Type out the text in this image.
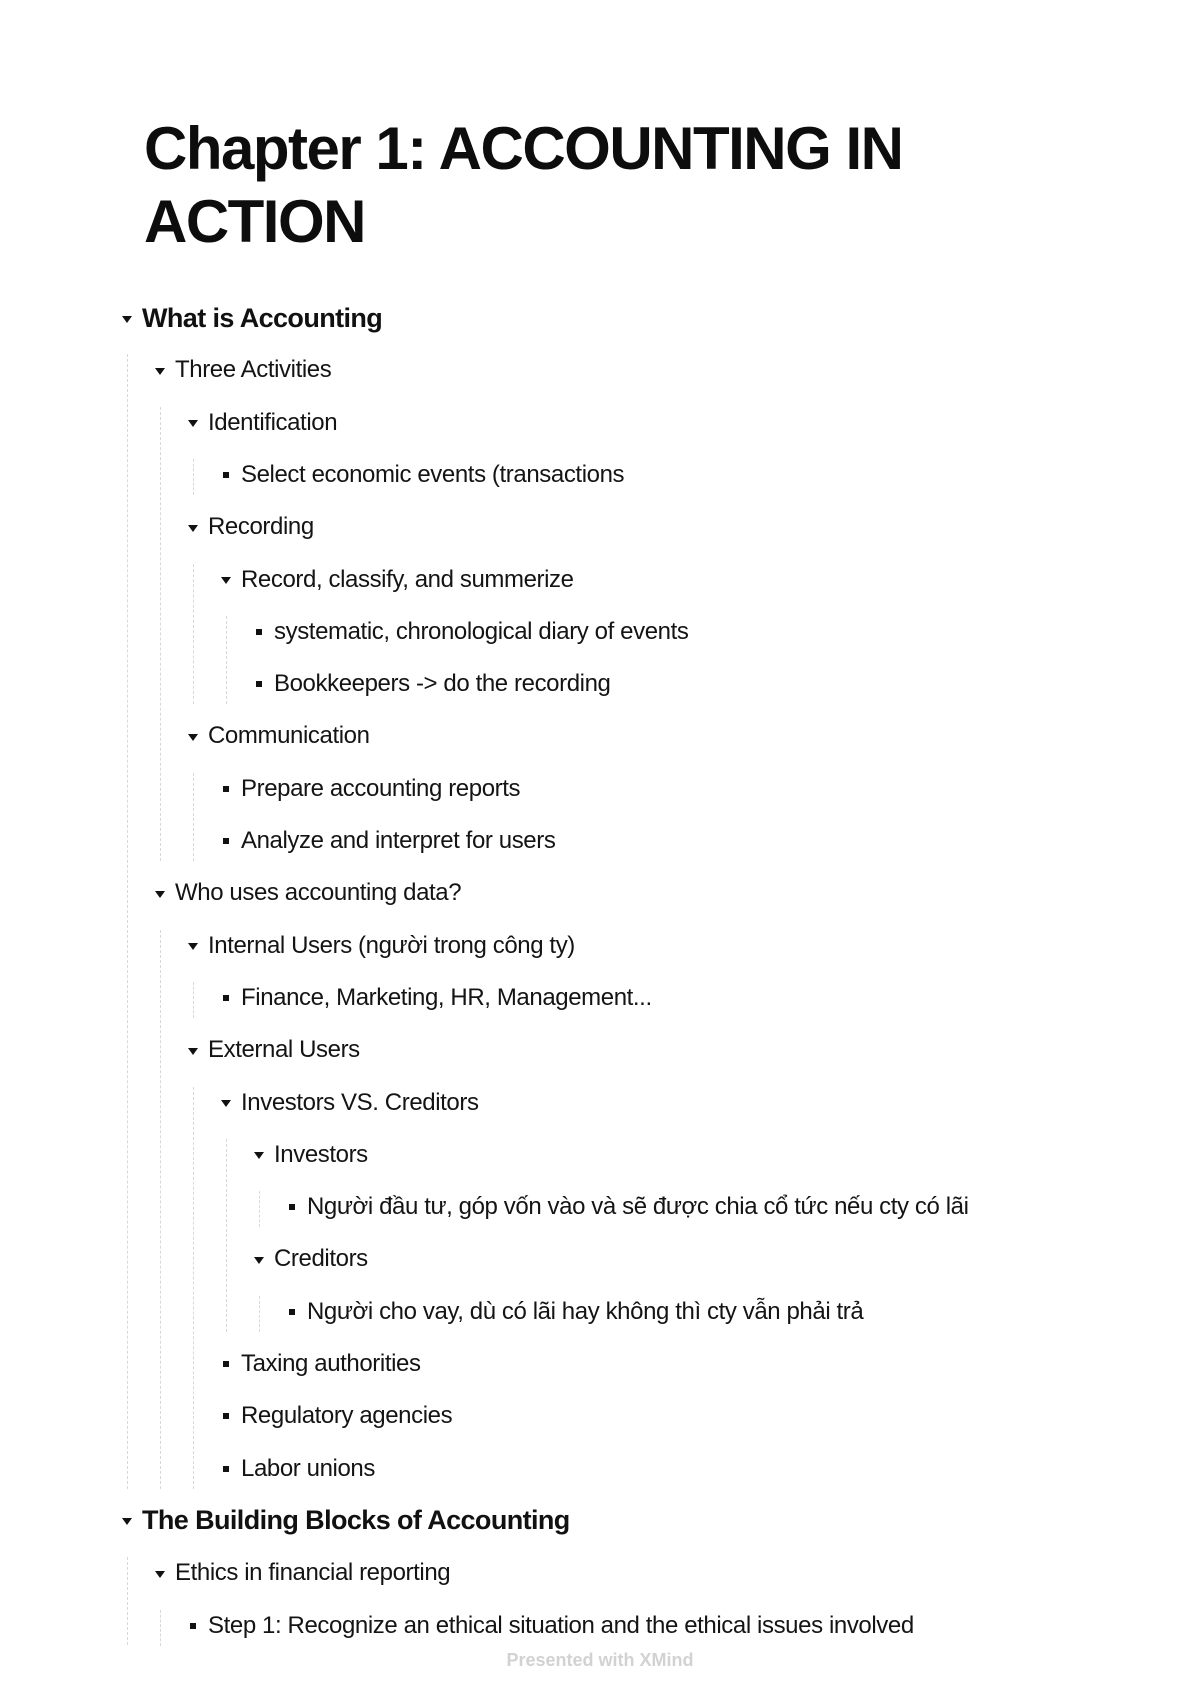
Chapter 1: ACCOUNTING IN ACTION
What is Accounting
Three Activities
Identification
Select economic events (transactions
Recording
Record, classify, and summerize
systematic, chronological diary of events
Bookkeepers -> do the recording
Communication
Prepare accounting reports
Analyze and interpret for users
Who uses accounting data?
Internal Users (người trong công ty)
Finance, Marketing, HR, Management...
External Users
Investors VS. Creditors
Investors
Người đầu tư, góp vốn vào và sẽ được chia cổ tức nếu cty có lãi
Creditors
Người cho vay, dù có lãi hay không thì cty vẫn phải trả
Taxing authorities
Regulatory agencies
Labor unions
The Building Blocks of Accounting
Ethics in financial reporting
Step 1: Recognize an ethical situation and the ethical issues involved
Presented with XMind
